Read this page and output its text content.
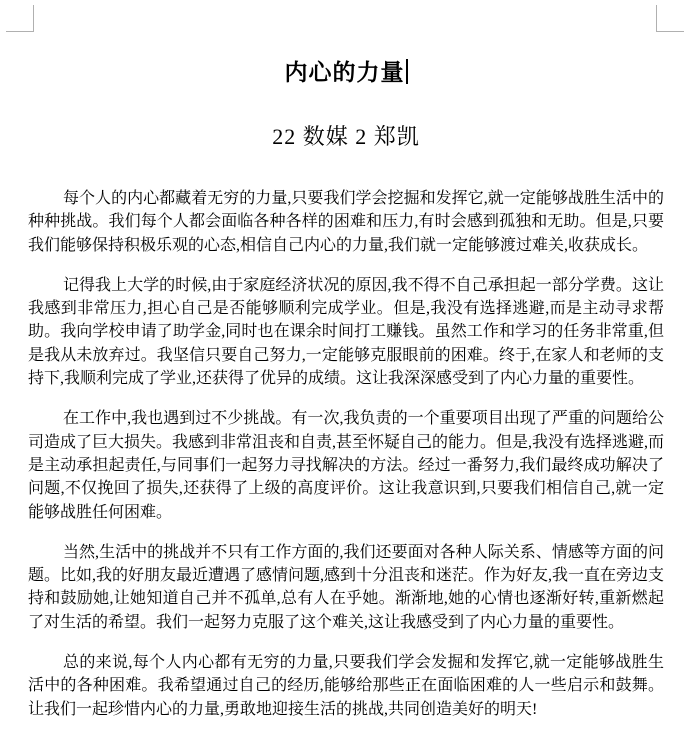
内心的力量
22 数媒 2 郑凯

每个人的内心都藏着无穷的力量,只要我们学会挖掘和发挥它,就一定能够战胜生活中的种种挑战。我们每个人都会面临各种各样的困难和压力,有时会感到孤独和无助。但是,只要我们能够保持积极乐观的心态,相信自己内心的力量,我们就一定能够渡过难关,收获成长。

记得我上大学的时候,由于家庭经济状况的原因,我不得不自己承担起一部分学费。这让我感到非常压力,担心自己是否能够顺利完成学业。但是,我没有选择逃避,而是主动寻求帮助。我向学校申请了助学金,同时也在课余时间打工赚钱。虽然工作和学习的任务非常重,但是我从未放弃过。我坚信只要自己努力,一定能够克服眼前的困难。终于,在家人和老师的支持下,我顺利完成了学业,还获得了优异的成绩。这让我深深感受到了内心力量的重要性。

在工作中,我也遇到过不少挑战。有一次,我负责的一个重要项目出现了严重的问题给公司造成了巨大损失。我感到非常沮丧和自责,甚至怀疑自己的能力。但是,我没有选择逃避,而是主动承担起责任,与同事们一起努力寻找解决的方法。经过一番努力,我们最终成功解决了问题,不仅挽回了损失,还获得了上级的高度评价。这让我意识到,只要我们相信自己,就一定能够战胜任何困难。

当然,生活中的挑战并不只有工作方面的,我们还要面对各种人际关系、情感等方面的问题。比如,我的好朋友最近遭遇了感情问题,感到十分沮丧和迷茫。作为好友,我一直在旁边支持和鼓励她,让她知道自己并不孤单,总有人在乎她。渐渐地,她的心情也逐渐好转,重新燃起了对生活的希望。我们一起努力克服了这个难关,这让我感受到了内心力量的重要性。

总的来说,每个人内心都有无穷的力量,只要我们学会发掘和发挥它,就一定能够战胜生活中的各种困难。我希望通过自己的经历,能够给那些正在面临困难的人一些启示和鼓舞。让我们一起珍惜内心的力量,勇敢地迎接生活的挑战,共同创造美好的明天!
